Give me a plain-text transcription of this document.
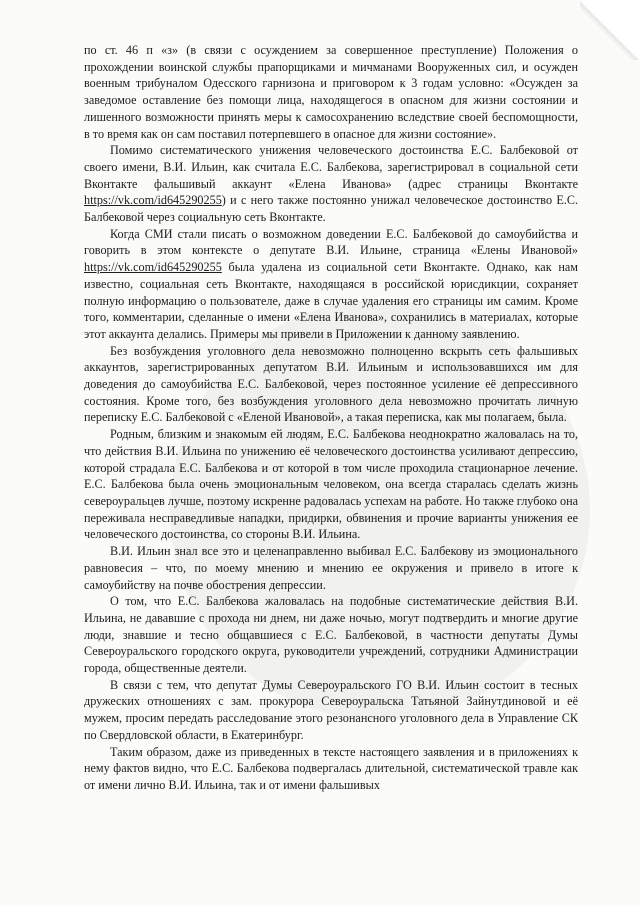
по ст. 46 п «з» (в связи с осуждением за совершенное преступление) Положения о прохождении воинской службы прапорщиками и мичманами Вооруженных сил, и осужден военным трибуналом Одесского гарнизона и приговором к 3 годам условно: «Осужден за заведомое оставление без помощи лица, находящегося в опасном для жизни состоянии и лишенного возможности принять меры к самосохранению вследствие своей беспомощности, в то время как он сам поставил потерпевшего в опасное для жизни состояние».

Помимо систематического унижения человеческого достоинства Е.С. Балбековой от своего имени, В.И. Ильин, как считала Е.С. Балбекова, зарегистрировал в социальной сети Вконтакте фальшивый аккаунт «Елена Иванова» (адрес страницы Вконтакте https://vk.com/id645290255) и с него также постоянно унижал человеческое достоинство Е.С. Балбековой через социальную сеть Вконтакте.

Когда СМИ стали писать о возможном доведении Е.С. Балбековой до самоубийства и говорить в этом контексте о депутате В.И. Ильине, страница «Елены Ивановой» https://vk.com/id645290255 была удалена из социальной сети Вконтакте. Однако, как нам известно, социальная сеть Вконтакте, находящаяся в российской юрисдикции, сохраняет полную информацию о пользователе, даже в случае удаления его страницы им самим. Кроме того, комментарии, сделанные о имени «Елена Иванова», сохранились в материалах, которые этот аккаунта делались. Примеры мы привели в Приложении к данному заявлению.

Без возбуждения уголовного дела невозможно полноценно вскрыть сеть фальшивых аккаунтов, зарегистрированных депутатом В.И. Ильиным и использовавшихся им для доведения до самоубийства Е.С. Балбековой, через постоянное усиление её депрессивного состояния. Кроме того, без возбуждения уголовного дела невозможно прочитать личную переписку Е.С. Балбековой с «Еленой Ивановой», а такая переписка, как мы полагаем, была.

Родным, близким и знакомым ей людям, Е.С. Балбекова неоднократно жаловалась на то, что действия В.И. Ильина по унижению её человеческого достоинства усиливают депрессию, которой страдала Е.С. Балбекова и от которой в том числе проходила стационарное лечение. Е.С. Балбекова была очень эмоциональным человеком, она всегда старалась сделать жизнь североуральцев лучше, поэтому искренне радовалась успехам на работе. Но также глубоко она переживала несправедливые нападки, придирки, обвинения и прочие варианты унижения ее человеческого достоинства, со стороны В.И. Ильина.

В.И. Ильин знал все это и целенаправленно выбивал Е.С. Балбекову из эмоционального равновесия – что, по моему мнению и мнению ее окружения и привело в итоге к самоубийству на почве обострения депрессии.

О том, что Е.С. Балбекова жаловалась на подобные систематические действия В.И. Ильина, не дававшие с прохода ни днем, ни даже ночью, могут подтвердить и многие другие люди, знавшие и тесно общавшиеся с Е.С. Балбековой, в частности депутаты Думы Североуральского городского округа, руководители учреждений, сотрудники Администрации города, общественные деятели.

В связи с тем, что депутат Думы Североуральского ГО В.И. Ильин состоит в тесных дружеских отношениях с зам. прокурора Североуральска Татьяной Зайнутдиновой и её мужем, просим передать расследование этого резонансного уголовного дела в Управление СК по Свердловской области, в Екатеринбург.

Таким образом, даже из приведенных в тексте настоящего заявления и в приложениях к нему фактов видно, что Е.С. Балбекова подвергалась длительной, систематической травле как от имени лично В.И. Ильина, так и от имени фальшивых
